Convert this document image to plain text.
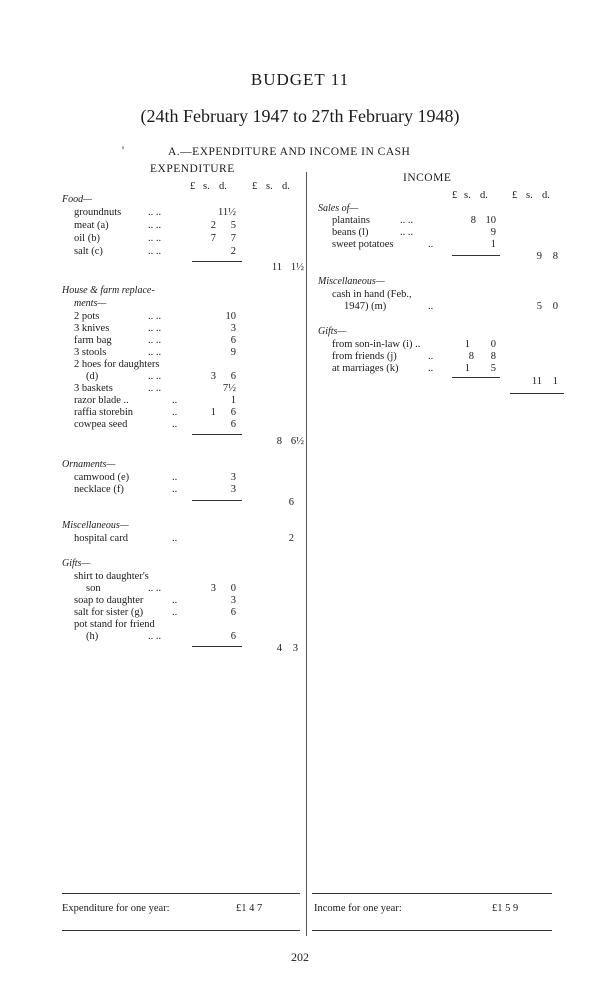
BUDGET 11
(24th February 1947 to 27th February 1948)
'	A.—EXPENDITURE AND INCOME IN CASH
EXPENDITURE
INCOME
£ s. d. £ s. d.
£ s. d. £ s. d.
Food—
groundnuts	.. ..	11½
meat (a)	.. ..	2	5
oil (b)	.. ..	7	7
salt (c)	.. ..	2
11 1½
House & farm replace-
ments—
2 pots	.. ..	10
3 knives	.. ..	3
farm bag	.. ..	6
3 stools	.. ..	9
2 hoes for daughters
(d)	.. ..	3	6
3 baskets	.. ..	7½
razor blade ..	..	1
raffia storebin	..	1	6
cowpea seed	..	6
8 6½
Ornaments—
camwood (e)	..	3
necklace (f)	..	3
6
Miscellaneous—
hospital card	..	2
Gifts—
shirt to daughter's
son	.. ..	3	0
soap to daughter	..	3
salt for sister (g)	..	6
pot stand for friend
(h)	.. ..	6
4	3
Sales of—
plantains	.. ..	8 10
beans (l)	.. ..	9
sweet potatoes	..	1
9	8
Miscellaneous—
cash in hand (Feb.,
1947) (m)	..	5	0
Gifts—
from son-in-law (i) ..	1	0
from friends (j)	..	8	8
at marriages (k)	..	1	5
11	1
Expenditure for one year:	£1 4 7	Income for one year:	£1 5 9
202
